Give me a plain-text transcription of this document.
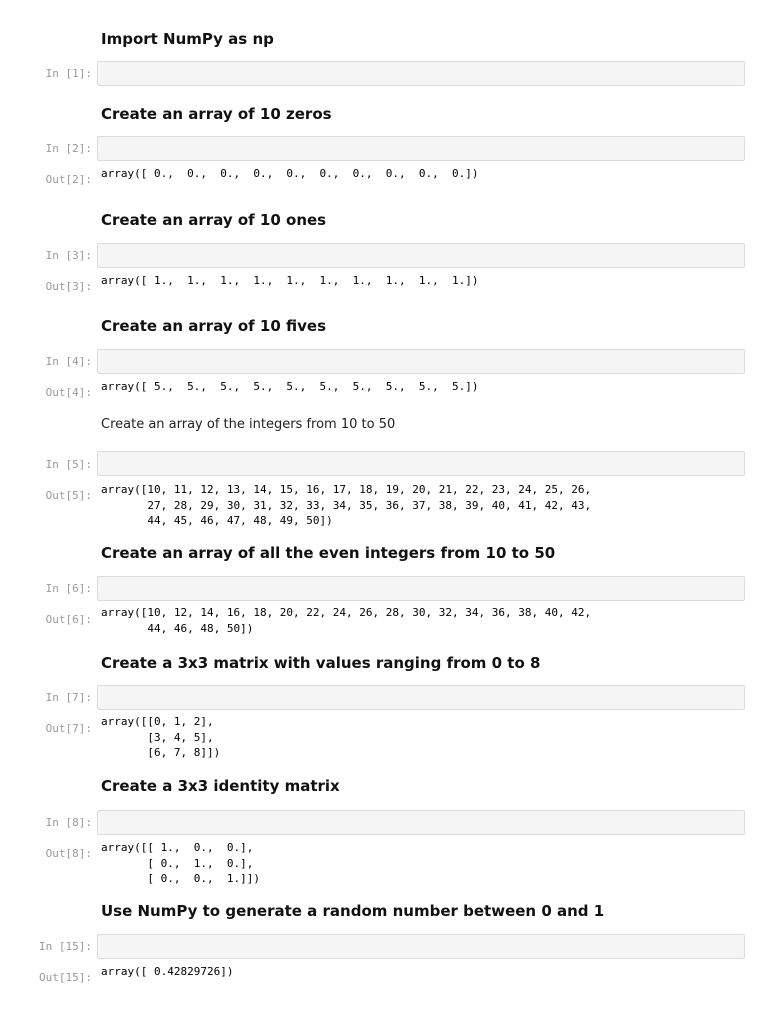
Import NumPy as np
In [1]:
Create an array of 10 zeros
In [2]:
Out[2]: array([ 0.,  0.,  0.,  0.,  0.,  0.,  0.,  0.,  0.,  0.])
Create an array of 10 ones
In [3]:
Out[3]: array([ 1.,  1.,  1.,  1.,  1.,  1.,  1.,  1.,  1.,  1.])
Create an array of 10 fives
In [4]:
Out[4]: array([ 5.,  5.,  5.,  5.,  5.,  5.,  5.,  5.,  5.,  5.])
Create an array of the integers from 10 to 50
In [5]:
Out[5]: array([10, 11, 12, 13, 14, 15, 16, 17, 18, 19, 20, 21, 22, 23, 24, 25, 26,
27, 28, 29, 30, 31, 32, 33, 34, 35, 36, 37, 38, 39, 40, 41, 42, 43,
44, 45, 46, 47, 48, 49, 50])
Create an array of all the even integers from 10 to 50
In [6]:
Out[6]:
array([10, 12, 14, 16, 18, 20, 22, 24, 26, 28, 30, 32, 34, 36, 38, 40, 42,
44, 46, 48, 50])
Create a 3x3 matrix with values ranging from 0 to 8
In [7]:
Out[7]:
array([[0, 1, 2],
[3, 4, 5],
[6, 7, 8]])
Create a 3x3 identity matrix
In [8]:
Out[8]: array([[ 1.,  0.,  0.],
[ 0.,  1.,  0.],
[ 0.,  0.,  1.]])
Use NumPy to generate a random number between 0 and 1
In [15]:
Out[15]: array([ 0.42829726])
